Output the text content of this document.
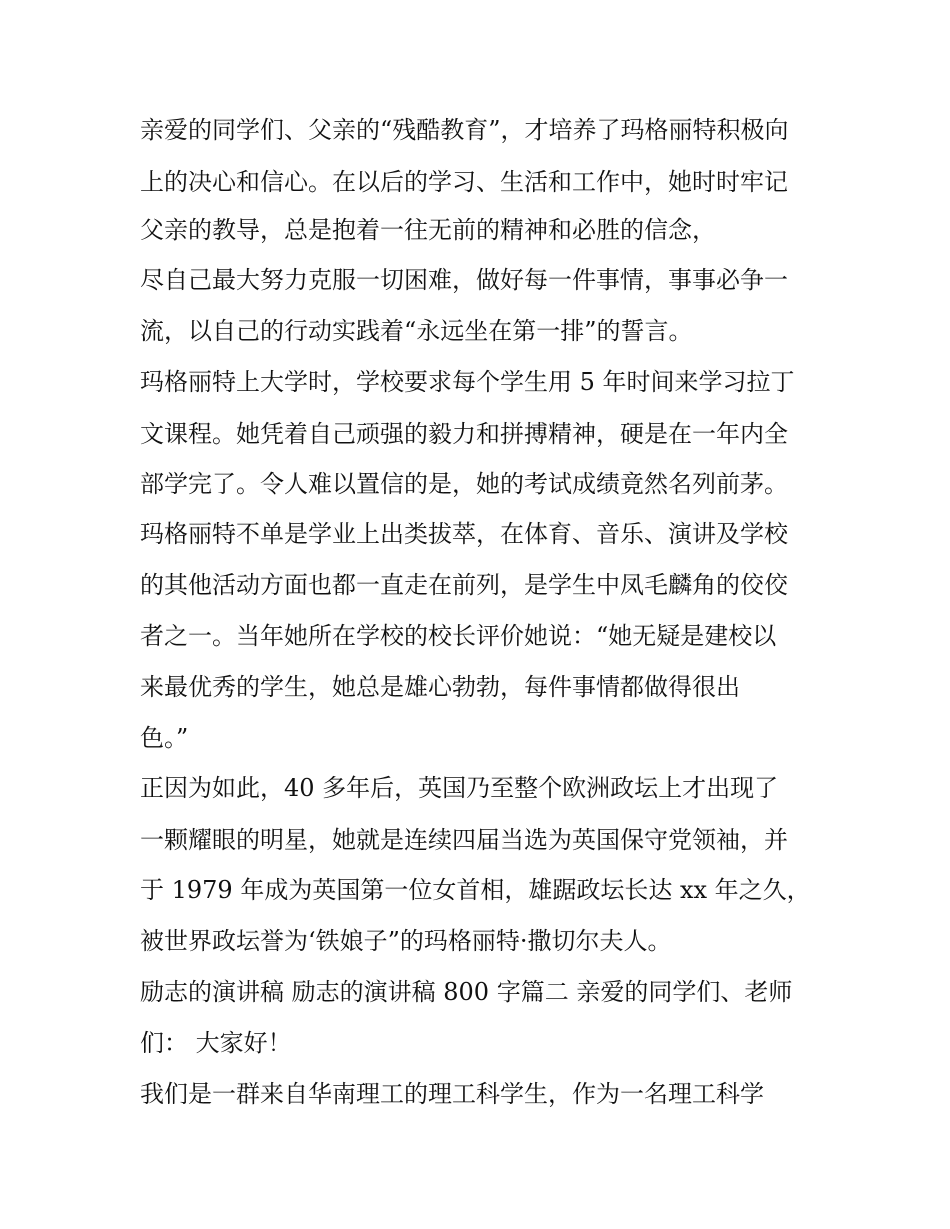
亲爱的同学们、父亲的“残酷教育”，才培养了玛格丽特积极向
上的决心和信心。在以后的学习、生活和工作中，她时时牢记
父亲的教导，总是抱着一往无前的精神和必胜的信念，
尽自己最大努力克服一切困难，做好每一件事情，事事必争一
流，以自己的行动实践着“永远坐在第一排”的誓言。
玛格丽特上大学时，学校要求每个学生用 5 年时间来学习拉丁
文课程。她凭着自己顽强的毅力和拼搏精神，硬是在一年内全
部学完了。令人难以置信的是，她的考试成绩竟然名列前茅。
玛格丽特不单是学业上出类拔萃，在体育、音乐、演讲及学校
的其他活动方面也都一直走在前列，是学生中凤毛麟角的佼佼
者之一。当年她所在学校的校长评价她说：“她无疑是建校以
来最优秀的学生，她总是雄心勃勃，每件事情都做得很出
色。”
正因为如此，40 多年后，英国乃至整个欧洲政坛上才出现了
一颗耀眼的明星，她就是连续四届当选为英国保守党领袖，并
于 1979 年成为英国第一位女首相，雄踞政坛长达 xx 年之久，
被世界政坛誉为‘铁娘子”的玛格丽特·撒切尔夫人。
励志的演讲稿 励志的演讲稿 800 字篇二 亲爱的同学们、老师
们： 大家好！
我们是一群来自华南理工的理工科学生，作为一名理工科学
